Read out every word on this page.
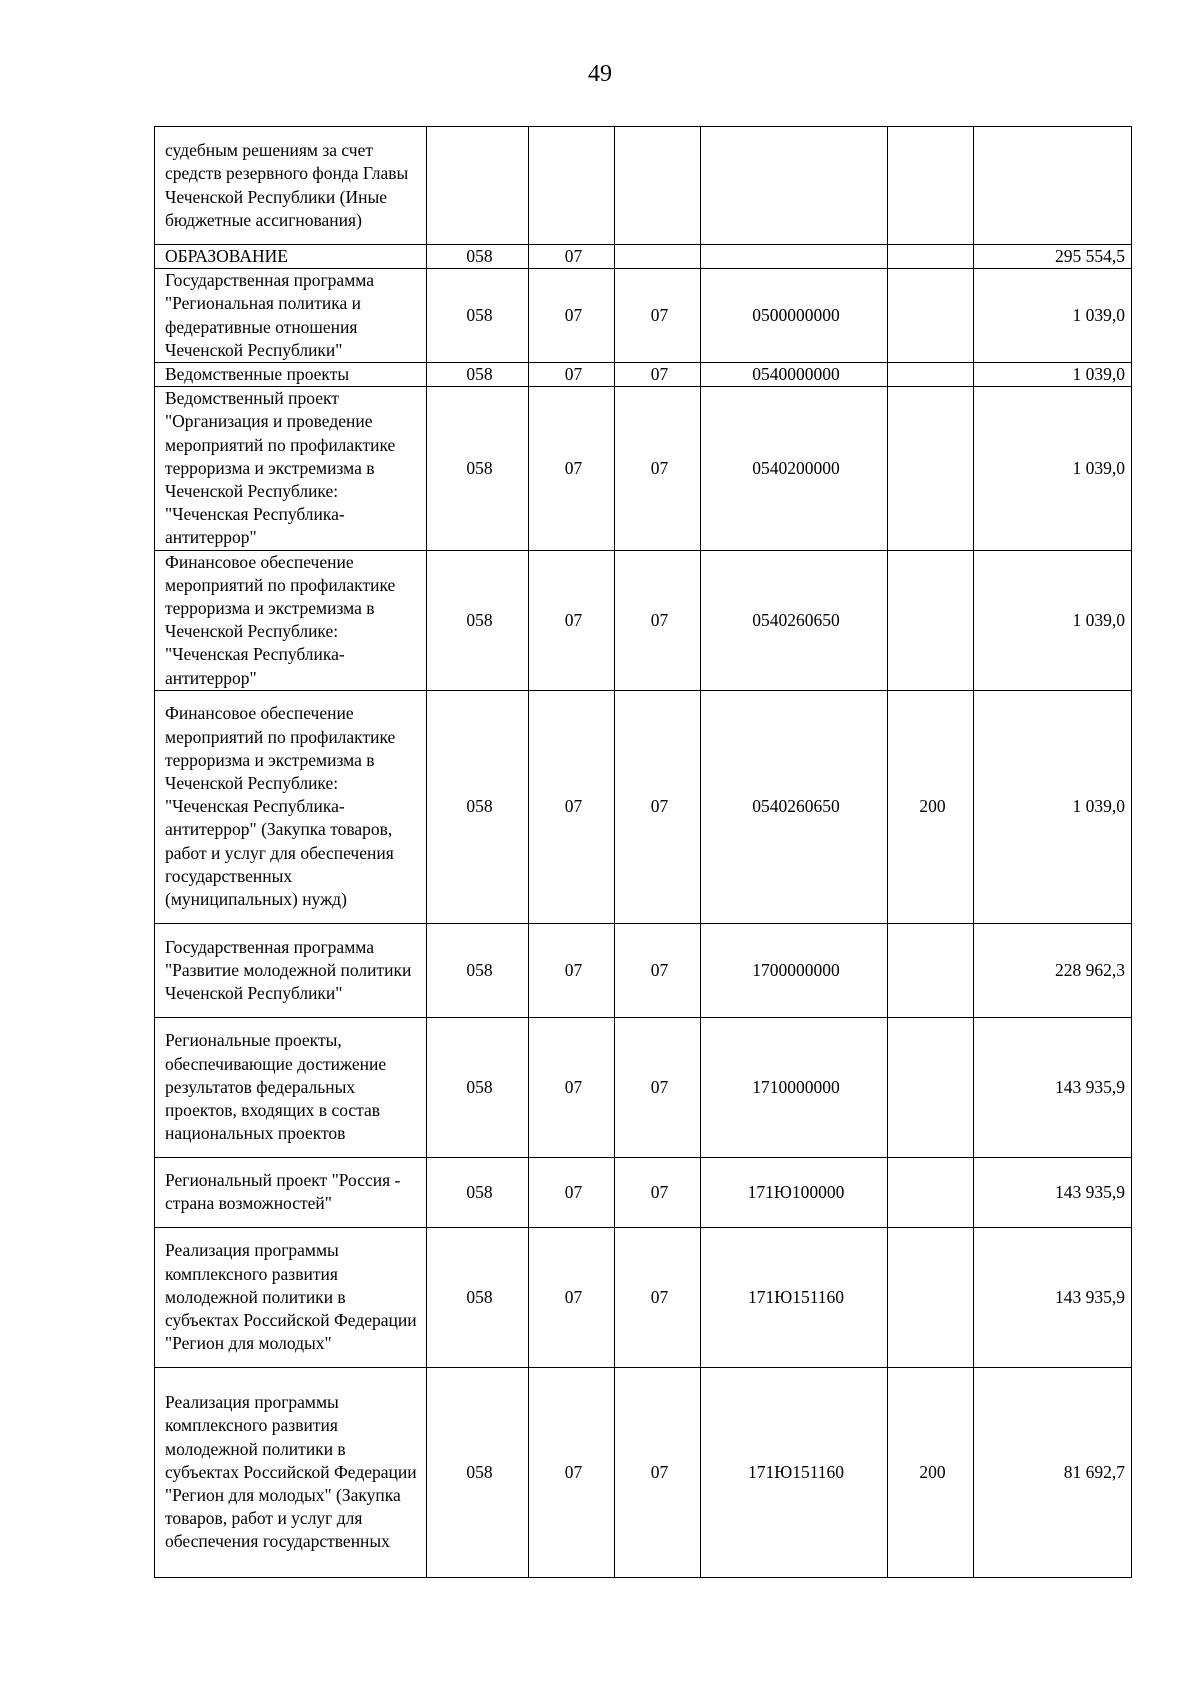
49
судебным решениям за счет средств резервного фонда Главы Чеченской Республики (Иные бюджетные ассигнования)						
ОБРАЗОВАНИЕ	058	07				295 554,5
Государственная программа "Региональная политика и федеративные отношения Чеченской Республики"	058	07	07	0500000000		1 039,0
Ведомственные проекты	058	07	07	0540000000		1 039,0
Ведомственный проект "Организация и проведение мероприятий по профилактике терроризма и экстремизма в Чеченской Республике: "Чеченская Республика-антитеррор"	058	07	07	0540200000		1 039,0
Финансовое обеспечение мероприятий по профилактике терроризма и экстремизма в Чеченской Республике: "Чеченская Республика-антитеррор"	058	07	07	0540260650		1 039,0
Финансовое обеспечение мероприятий по профилактике терроризма и экстремизма в Чеченской Республике: "Чеченская Республика-антитеррор" (Закупка товаров, работ и услуг для обеспечения государственных (муниципальных) нужд)	058	07	07	0540260650	200	1 039,0
Государственная программа "Развитие молодежной политики Чеченской Республики"	058	07	07	1700000000		228 962,3
Региональные проекты, обеспечивающие достижение результатов федеральных проектов, входящих в состав национальных проектов	058	07	07	1710000000		143 935,9
Региональный проект "Россия - страна возможностей"	058	07	07	171Ю100000		143 935,9
Реализация программы комплексного развития молодежной политики в субъектах Российской Федерации "Регион для молодых"	058	07	07	171Ю151160		143 935,9
Реализация программы комплексного развития молодежной политики в субъектах Российской Федерации "Регион для молодых" (Закупка товаров, работ и услуг для обеспечения государственных	058	07	07	171Ю151160	200	81 692,7
